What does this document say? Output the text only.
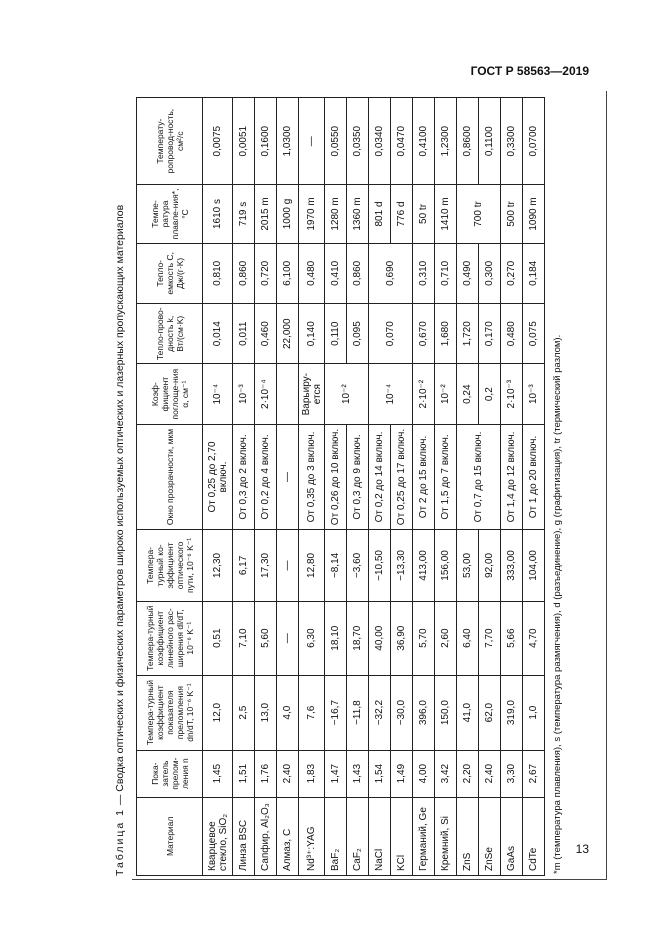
ГОСТ Р 58563—2019
Таблица 1 — Сводка оптических и физических параметров широко используемых оптических и лазерных пропускающих материалов
Материал	Пока-затель прелом-ления n	Темпера-турный коэффициент показателя преломления dn/dT, 10⁻⁶ K⁻¹	Темпера-турный коэффициент линейного рас-ширения dl/dT, 10⁻⁶ K⁻¹	Темпера-турный ко-эффициент оптического пути, 10⁻⁶ K⁻¹	Окно прозрачности, мкм	Коэф-фициент поглоще-ния α, см⁻¹	Тепло-прово-дность k, Вт/(см·K)	Тепло-емкость C, Дж/(г·K)	Темпе-ратура плавле-ния*, °C	Температу-ропровод-ность, см²/с
Кварцевое стекло, SiO₂	1,45	12,0	0,51	12,30	От 0,25 до 2,70 включ.	10⁻⁴	0,014	0,810	1610 s	0,0075
Линза BSC	1,51	2,5	7,10	6,17	От 0,3 до 2 включ.	10⁻³	0,011	0,860	719 s	0,0051
Сапфир, Al₂O₃	1,76	13,0	5,60	17,30	От 0,2 до 4 включ.	2·10⁻⁴	0,460	0,720	2015 m	0,1600
Алмаз, С	2,40	4,0	—	—	—		22,000	6,100	1000 g	1,0300
Nd³⁺:YAG	1,83	7,6	6,30	12,80	От 0,35 до 3 включ.	Варьиру-ется	0,140	0,480	1970 m	—
BaF₂	1,47	−16,7	18,10	−8,14	От 0,26 до 10 включ.	10⁻²	0,110	0,410	1280 m	0,0550
CaF₂	1,43	−11,8	18,70	−3,60	От 0,3 до 9 включ.		0,095	0,860	1360 m	0,0350
NaCl	1,54	−32,2	40,00	−10,50	От 0,2 до 14 включ.	10⁻⁴	0,070	0,690	801 d	0,0340
KCl	1,49	−30,0	36,90	−13,30	От 0,25 до 17 включ.				776 d	0,0470
Германий, Ge	4,00	396,0	5,70	413,00	От 2 до 15 включ.	2·10⁻²	0,670	0,310	50 tr	0,4100
Кремний, Si	3,42	150,0	2,60	156,00	От 1,5 до 7 включ.	10⁻²	1,680	0,710	1410 m	1,2300
ZnS	2,20	41,0	6,40	53,00	От 0,7 до 15 включ.	0,24	1,720	0,490	700 tr	0,8600
ZnSe	2,40	62,0	7,70	92,00		0,2	0,170	0,300		0,1100
GaAs	3,30	319,0	5,66	333,00	От 1,4 до 12 включ.	2·10⁻³	0,480	0,270	500 tr	0,3300
CdTe	2,67	1,0	4,70	104,00	От 1 до 20 включ.	10⁻³	0,075	0,184	1090 m	0,0700
*m (температура плавления), s (температура размягчения), d (разъединение), g (графитизация), tr (термический разлом). 13
